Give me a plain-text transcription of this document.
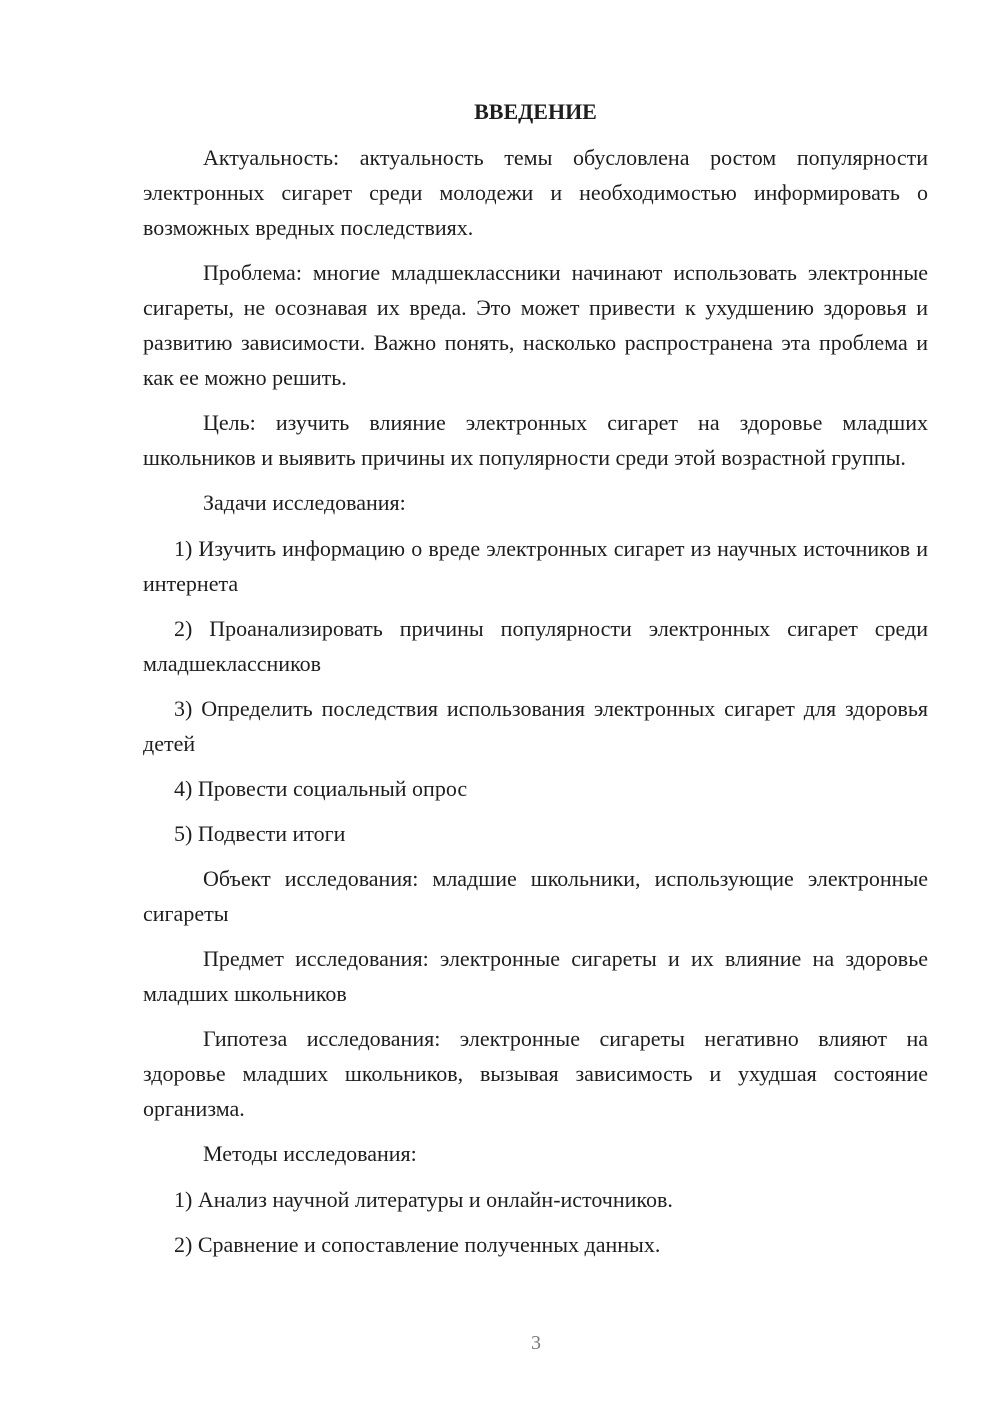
ВВЕДЕНИЕ
Актуальность: актуальность темы обусловлена ростом популярности электронных сигарет среди молодежи и необходимостью информировать о возможных вредных последствиях.
Проблема: многие младшеклассники начинают использовать электронные сигареты, не осознавая их вреда. Это может привести к ухудшению здоровья и развитию зависимости. Важно понять, насколько распространена эта проблема и как ее можно решить.
Цель: изучить влияние электронных сигарет на здоровье младших школьников и выявить причины их популярности среди этой возрастной группы.
Задачи исследования:
1) Изучить информацию о вреде электронных сигарет из научных источников и интернета
2) Проанализировать причины популярности электронных сигарет среди младшеклассников
3) Определить последствия использования электронных сигарет для здоровья детей
4) Провести социальный опрос
5) Подвести итоги
Объект исследования: младшие школьники, использующие электронные сигареты
Предмет исследования: электронные сигареты и их влияние на здоровье младших школьников
Гипотеза исследования: электронные сигареты негативно влияют на здоровье младших школьников, вызывая зависимость и ухудшая состояние организма.
Методы исследования:
1) Анализ научной литературы и онлайн-источников.
2) Сравнение и сопоставление полученных данных.
3
